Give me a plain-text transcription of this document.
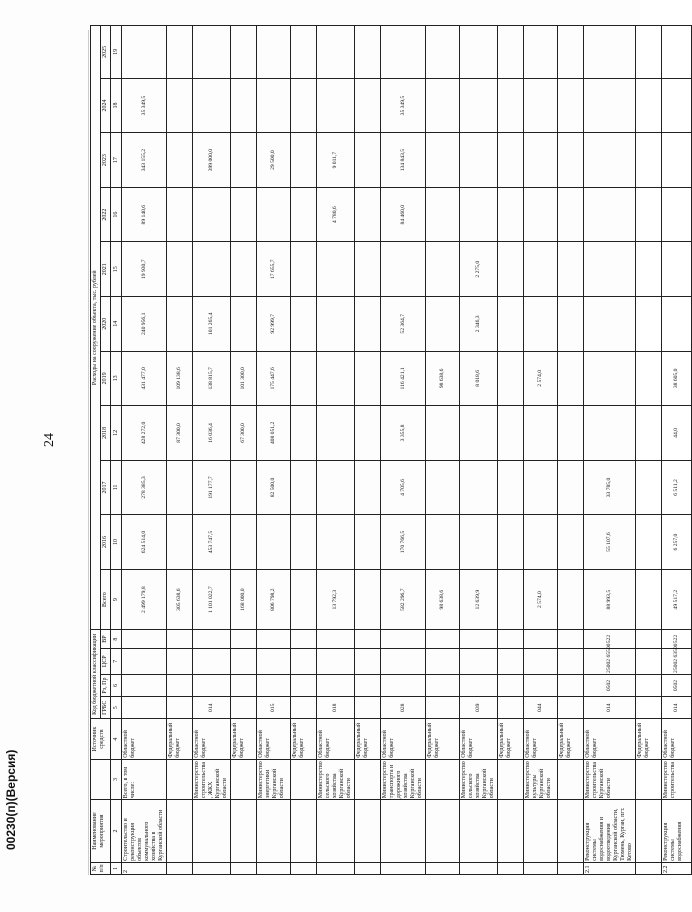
24
№ п/п	Наименование мероприятия		Источник средств	Код бюджетной классификации				Расходы на сооружение объекта, тыс. рублей										
				ГРБС	Рз, Пр	ЦСР	ВР	Всего	2016	2017	2018	2019	2020	2021	2022	2023	2024	2025
1	2	3	4	5	6	7	8	9	10	11	12	13	14	15	16	17	18	19
2	Строительство и реконструкция объектов коммунального хозяйства в Курганской области	Всего, в том числе:	Областной бюджет					2 499 179,8	624 514,0	278 385,3	428 272,0	431 477,0	240 956,1	19 930,7	89 140,6	343 155,2	35 349,5	
			Федеральный бюджет					305 638,6			87 300,0	109 138,6						
		Министерство строительства, ЖКХ Курганской области	Областной бюджет	014				1 101 022,7	453 747,5	191 177,7	16 036,4	138 815,7	101 265,4			399 000,0		
			Федеральный бюджет					168 000,0			67 300,0	101 300,0						
		Министерство энергетики Курганской области	Областной бюджет	015				806 798,2		82 500,0	408 051,2	175 447,6	92 999,7	17 655,7		29 500,0		
			Федеральный бюджет															
		Министерство сельского хозяйства Курганской области	Областной бюджет	018				13 792,3							4 780,6	9 011,7		
			Федеральный бюджет															
		Министерство транспорта и дорожного хозяйства Курганской области	Областной бюджет	028				582 296,7	170 766,5	4 705,6	3 355,8	116 421,1	52 364,7		84 460,0	134 843,5	35 349,5	
			Федеральный бюджет					98 638,6				98 638,6						
		Министерство сельского хозяйства Курганской области	Областной бюджет	039				12 639,9				8 018,6	2 346,3	2 275,0				
			Федеральный бюджет															
		Министерство культуры Курганской области	Областной бюджет	044				2 574,0				2 574,0						
			Федеральный бюджет															
2.1	Реконструкция системы водоснабжения и водоотведения Курганской области, Тюмень, Курган, пгт. Кетово	Министерство строительства Курганской области	Областной бюджет	014	0502	25002 65500	522	88 993,5	55 107,6	33 785,0								
			Федеральный бюджет															
2.2	Реконструкция системы водоснабжения	Министерство строительства	Областной бюджет	014	0502	25002 63500	522	49 517,2	6 257,0	6 511,2	44,0	38 605,0						
00230(п)(Версия)
